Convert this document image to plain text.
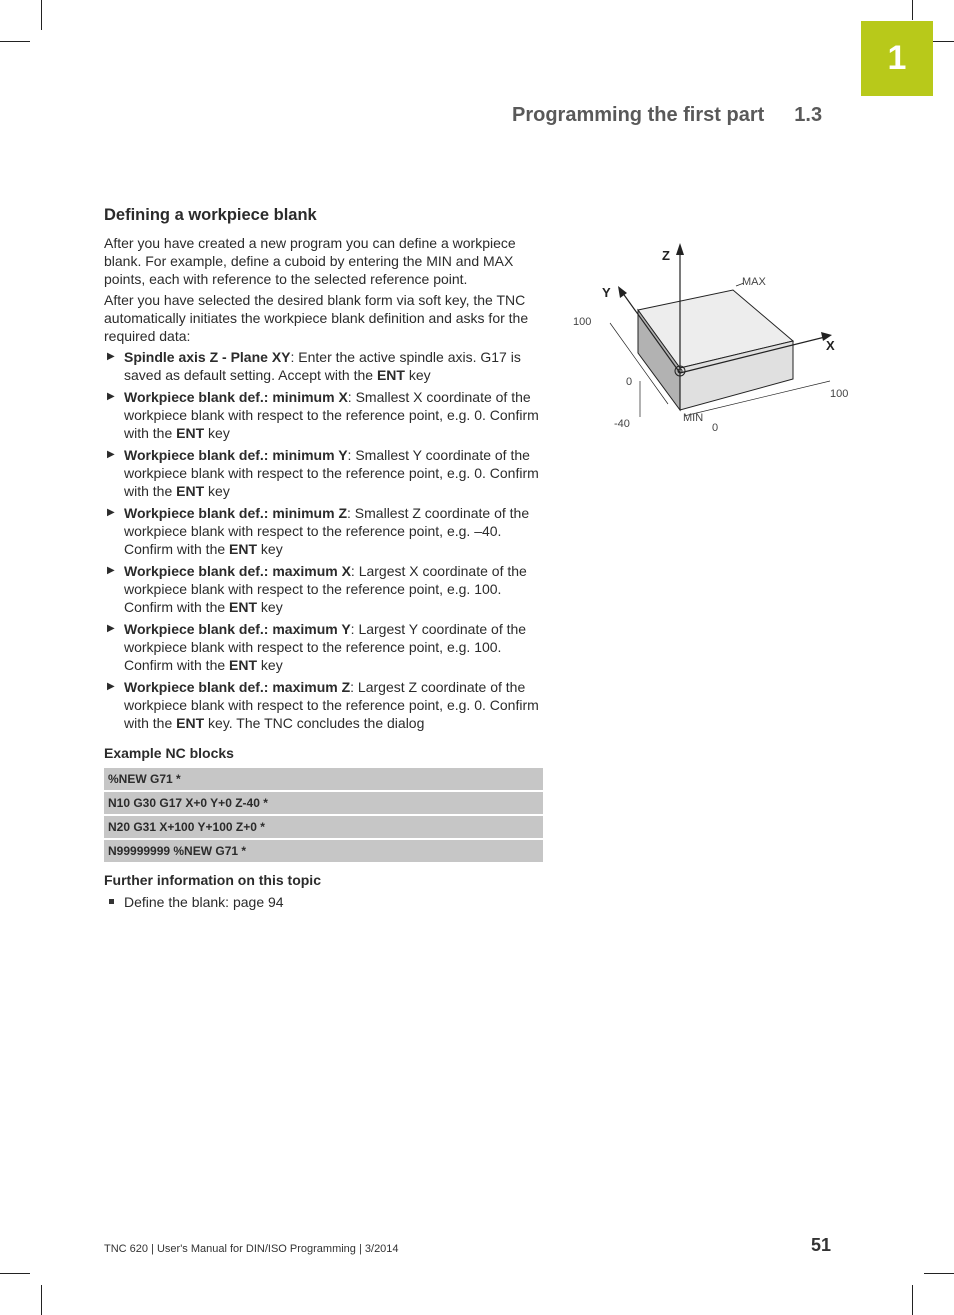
1
Programming the first part 1.3
Defining a workpiece blank

After you have created a new program you can define a workpiece blank. For example, define a cuboid by entering the MIN and MAX points, each with reference to the selected reference point.

After you have selected the desired blank form via soft key, the TNC automatically initiates the workpiece blank definition and asks for the required data:

▶ Spindle axis Z - Plane XY: Enter the active spindle axis. G17 is saved as default setting. Accept with the ENT key
▶ Workpiece blank def.: minimum X: Smallest X coordinate of the workpiece blank with respect to the reference point, e.g. 0. Confirm with the ENT key
▶ Workpiece blank def.: minimum Y: Smallest Y coordinate of the workpiece blank with respect to the reference point, e.g. 0. Confirm with the ENT key
▶ Workpiece blank def.: minimum Z: Smallest Z coordinate of the workpiece blank with respect to the reference point, e.g. –40. Confirm with the ENT key
▶ Workpiece blank def.: maximum X: Largest X coordinate of the workpiece blank with respect to the reference point, e.g. 100. Confirm with the ENT key
▶ Workpiece blank def.: maximum Y: Largest Y coordinate of the workpiece blank with respect to the reference point, e.g. 100. Confirm with the ENT key
▶ Workpiece blank def.: maximum Z: Largest Z coordinate of the workpiece blank with respect to the reference point, e.g. 0. Confirm with the ENT key. The TNC concludes the dialog
Example NC blocks
%NEW G71 *
N10 G30 G17 X+0 Y+0 Z-40 *
N20 G31 X+100 Y+100 Z+0 *
N99999999 %NEW G71 *
Further information on this topic
Define the blank: page 94
Z
Y
X
MAX
MIN
100
0
-40	0
100
TNC 620 | User's Manual for DIN/ISO Programming | 3/2014	51
